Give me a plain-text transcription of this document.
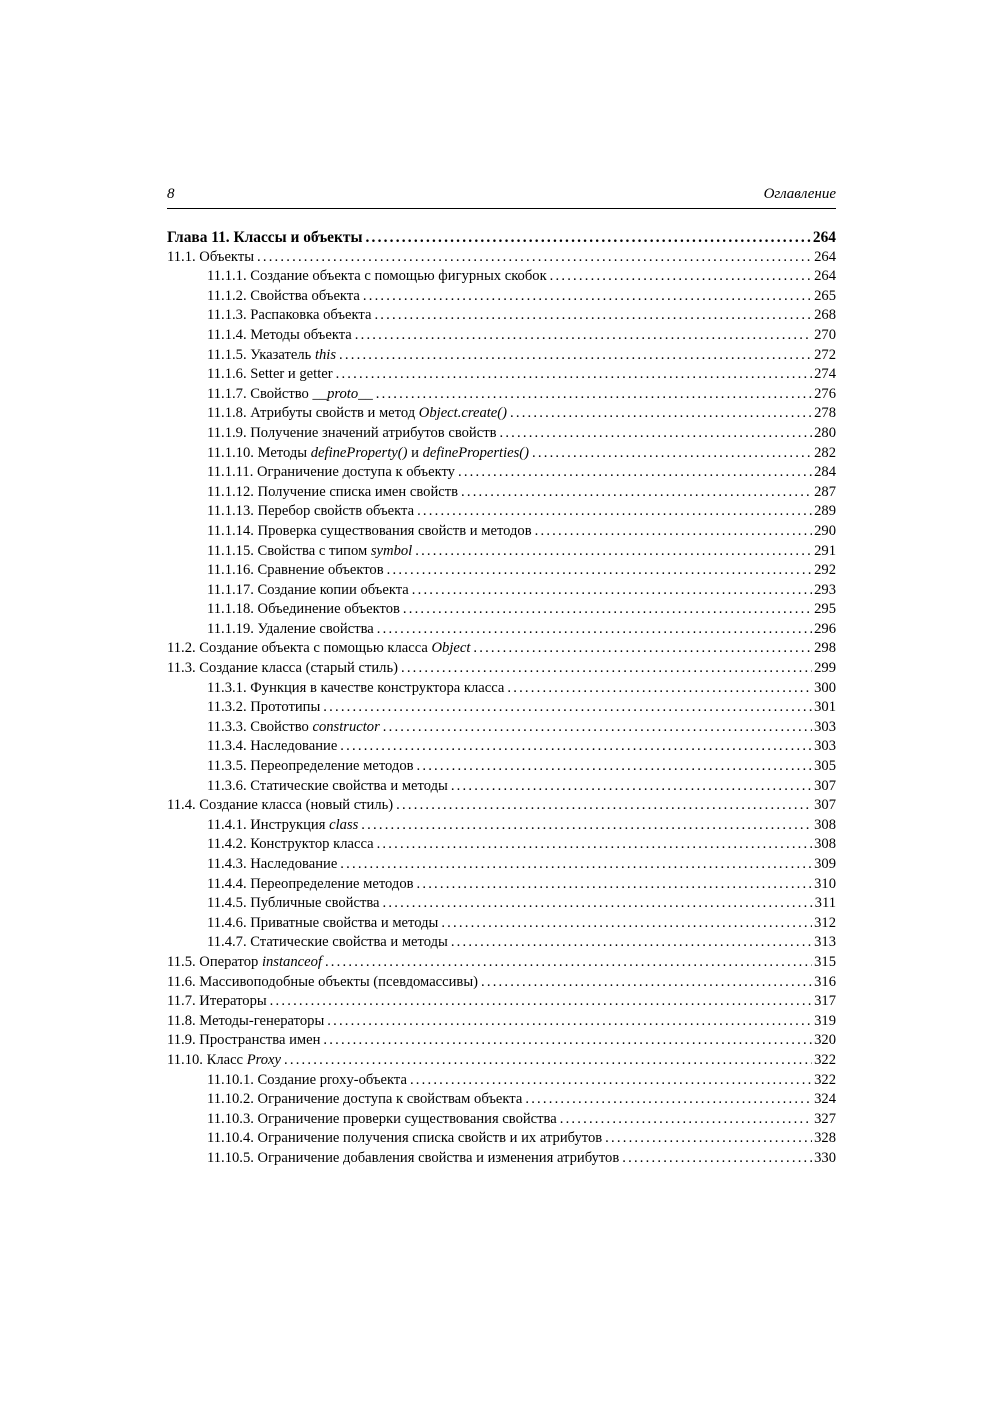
8	Оглавление
Глава 11. Классы и объекты .....	264
11.1. Объекты .....	264
11.1.1. Создание объекта с помощью фигурных скобок .....	264
11.1.2. Свойства объекта .....	265
11.1.3. Распаковка объекта .....	268
11.1.4. Методы объекта .....	270
11.1.5. Указатель this .....	272
11.1.6. Setter и getter .....	274
11.1.7. Свойство __proto__ .....	276
11.1.8. Атрибуты свойств и метод Object.create() .....	278
11.1.9. Получение значений атрибутов свойств .....	280
11.1.10. Методы defineProperty() и defineProperties() .....	282
11.1.11. Ограничение доступа к объекту .....	284
11.1.12. Получение списка имен свойств .....	287
11.1.13. Перебор свойств объекта .....	289
11.1.14. Проверка существования свойств и методов .....	290
11.1.15. Свойства с типом symbol .....	291
11.1.16. Сравнение объектов .....	292
11.1.17. Создание копии объекта .....	293
11.1.18. Объединение объектов .....	295
11.1.19. Удаление свойства .....	296
11.2. Создание объекта с помощью класса Object .....	298
11.3. Создание класса (старый стиль) .....	299
11.3.1. Функция в качестве конструктора класса .....	300
11.3.2. Прототипы .....	301
11.3.3. Свойство constructor .....	303
11.3.4. Наследование .....	303
11.3.5. Переопределение методов .....	305
11.3.6. Статические свойства и методы .....	307
11.4. Создание класса (новый стиль) .....	307
11.4.1. Инструкция class .....	308
11.4.2. Конструктор класса .....	308
11.4.3. Наследование .....	309
11.4.4. Переопределение методов .....	310
11.4.5. Публичные свойства .....	311
11.4.6. Приватные свойства и методы .....	312
11.4.7. Статические свойства и методы .....	313
11.5. Оператор instanceof .....	315
11.6. Массивоподобные объекты (псевдомассивы) .....	316
11.7. Итераторы .....	317
11.8. Методы-генераторы .....	319
11.9. Пространства имен .....	320
11.10. Класс Proxy .....	322
11.10.1. Создание proxy-объекта .....	322
11.10.2. Ограничение доступа к свойствам объекта .....	324
11.10.3. Ограничение проверки существования свойства .....	327
11.10.4. Ограничение получения списка свойств и их атрибутов .....	328
11.10.5. Ограничение добавления свойства и изменения атрибутов .....	330
